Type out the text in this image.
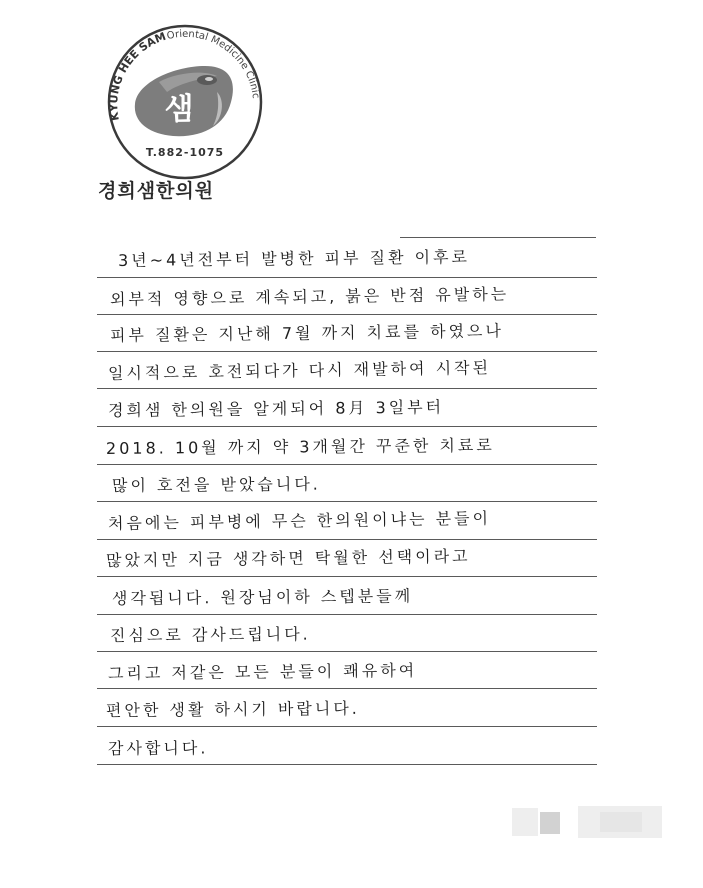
KYUNG HEE SAM
Oriental Medicine Clinic
샘
T.882-1075
경희샘한의원
3년~4년전부터 발병한 피부 질환 이후로
외부적 영향으로 계속되고, 붉은 반점 유발하는
피부 질환은 지난해 7월 까지 치료를 하였으나
일시적으로 호전되다가 다시 재발하여 시작된
경희샘 한의원을 알게되어 8月 3일부터
2018. 10월 까지 약 3개월간 꾸준한 치료로
많이 호전을 받았습니다.
처음에는 피부병에 무슨 한의원이냐는 분들이
많았지만 지금 생각하면 탁월한 선택이라고
생각됩니다. 원장님이하 스텝분들께
진심으로 감사드립니다.
그리고 저같은 모든 분들이 쾌유하여
편안한 생활 하시기 바랍니다.
감사합니다.
